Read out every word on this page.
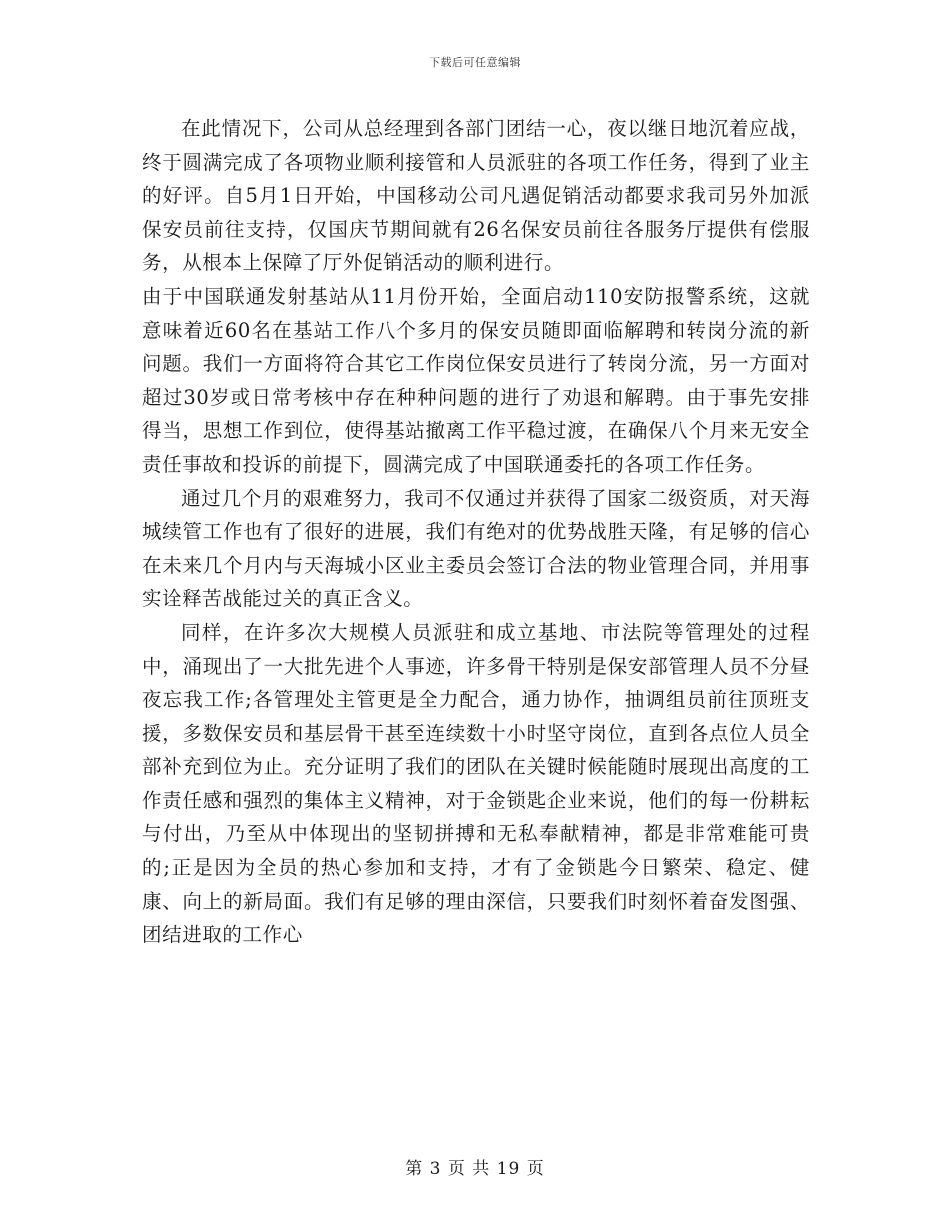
下载后可任意编辑

在此情况下，公司从总经理到各部门团结一心，夜以继日地沉着应战，终于圆满完成了各项物业顺利接管和人员派驻的各项工作任务，得到了业主的好评。自5月1日开始，中国移动公司凡遇促销活动都要求我司另外加派保安员前往支持，仅国庆节期间就有26名保安员前往各服务厅提供有偿服务，从根本上保障了厅外促销活动的顺利进行。

由于中国联通发射基站从11月份开始，全面启动110安防报警系统，这就意味着近60名在基站工作八个多月的保安员随即面临解聘和转岗分流的新问题。我们一方面将符合其它工作岗位保安员进行了转岗分流，另一方面对超过30岁或日常考核中存在种种问题的进行了劝退和解聘。由于事先安排得当，思想工作到位，使得基站撤离工作平稳过渡，在确保八个月来无安全责任事故和投诉的前提下，圆满完成了中国联通委托的各项工作任务。

通过几个月的艰难努力，我司不仅通过并获得了国家二级资质，对天海城续管工作也有了很好的进展，我们有绝对的优势战胜天隆，有足够的信心在未来几个月内与天海城小区业主委员会签订合法的物业管理合同，并用事实诠释苦战能过关的真正含义。

同样，在许多次大规模人员派驻和成立基地、市法院等管理处的过程中，涌现出了一大批先进个人事迹，许多骨干特别是保安部管理人员不分昼夜忘我工作;各管理处主管更是全力配合，通力协作，抽调组员前往顶班支援，多数保安员和基层骨干甚至连续数十小时坚守岗位，直到各点位人员全部补充到位为止。充分证明了我们的团队在关键时候能随时展现出高度的工作责任感和强烈的集体主义精神，对于金锁匙企业来说，他们的每一份耕耘与付出，乃至从中体现出的坚韧拼搏和无私奉献精神，都是非常难能可贵的;正是因为全员的热心参加和支持，才有了金锁匙今日繁荣、稳定、健康、向上的新局面。我们有足够的理由深信，只要我们时刻怀着奋发图强、团结进取的工作心

第 3 页 共 19 页
